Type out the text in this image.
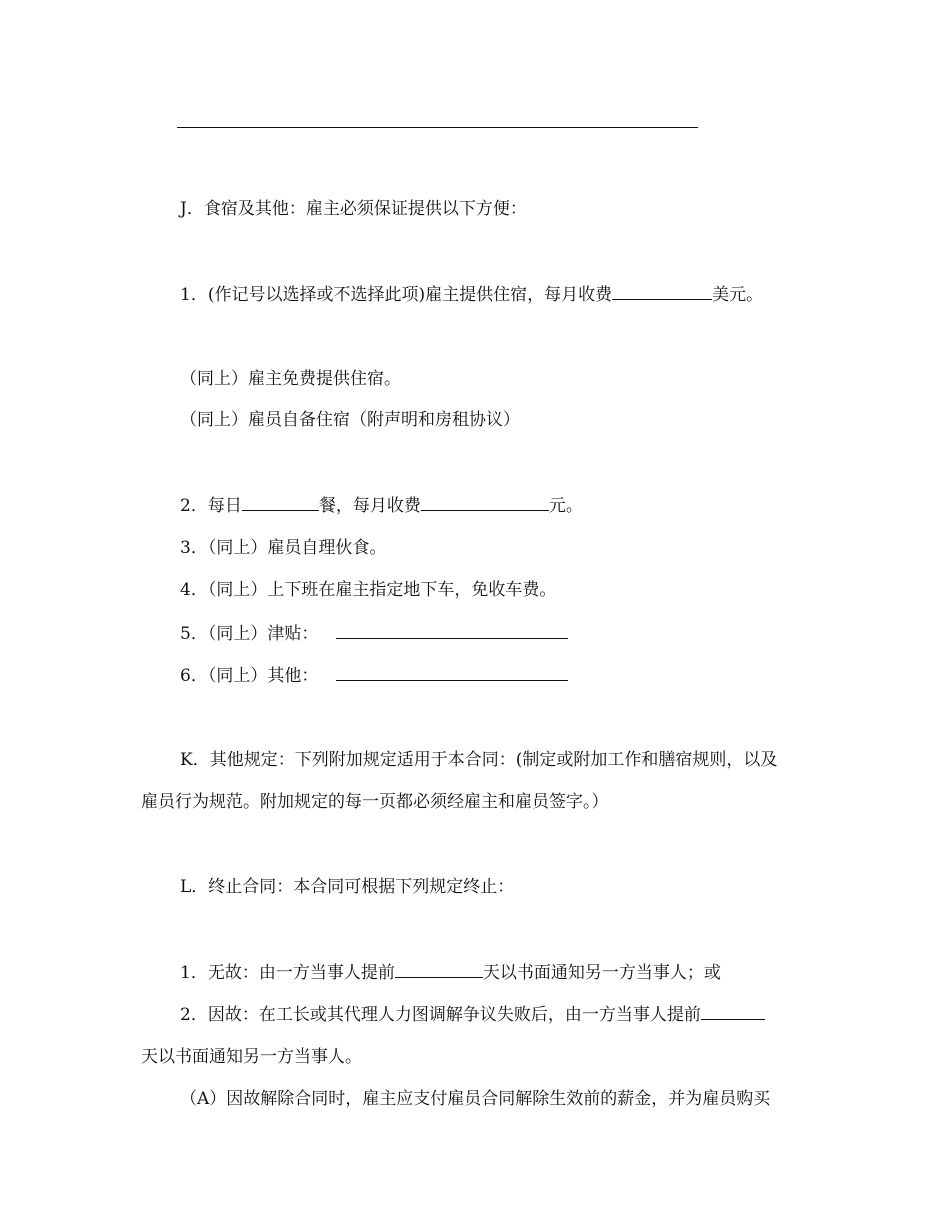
J．食宿及其他：雇主必须保证提供以下方便：
1．(作记号以选择或不选择此项)雇主提供住宿，每月收费	美元。
（同上）雇主免费提供住宿。
（同上）雇员自备住宿（附声明和房租协议）
2．每日	餐，每月收费	元。
3．（同上）雇员自理伙食。
4．（同上）上下班在雇主指定地下车，免收车费。
5．（同上）津贴：
6．（同上）其他：
K．其他规定：下列附加规定适用于本合同：(制定或附加工作和膳宿规则，以及
雇员行为规范。附加规定的每一页都必须经雇主和雇员签字。）
L．终止合同：本合同可根据下列规定终止：
1．无故：由一方当事人提前	天以书面通知另一方当事人；或
2．因故：在工长或其代理人力图调解争议失败后，由一方当事人提前
天以书面通知另一方当事人。
（A）因故解除合同时，雇主应支付雇员合同解除生效前的薪金，并为雇员购买
